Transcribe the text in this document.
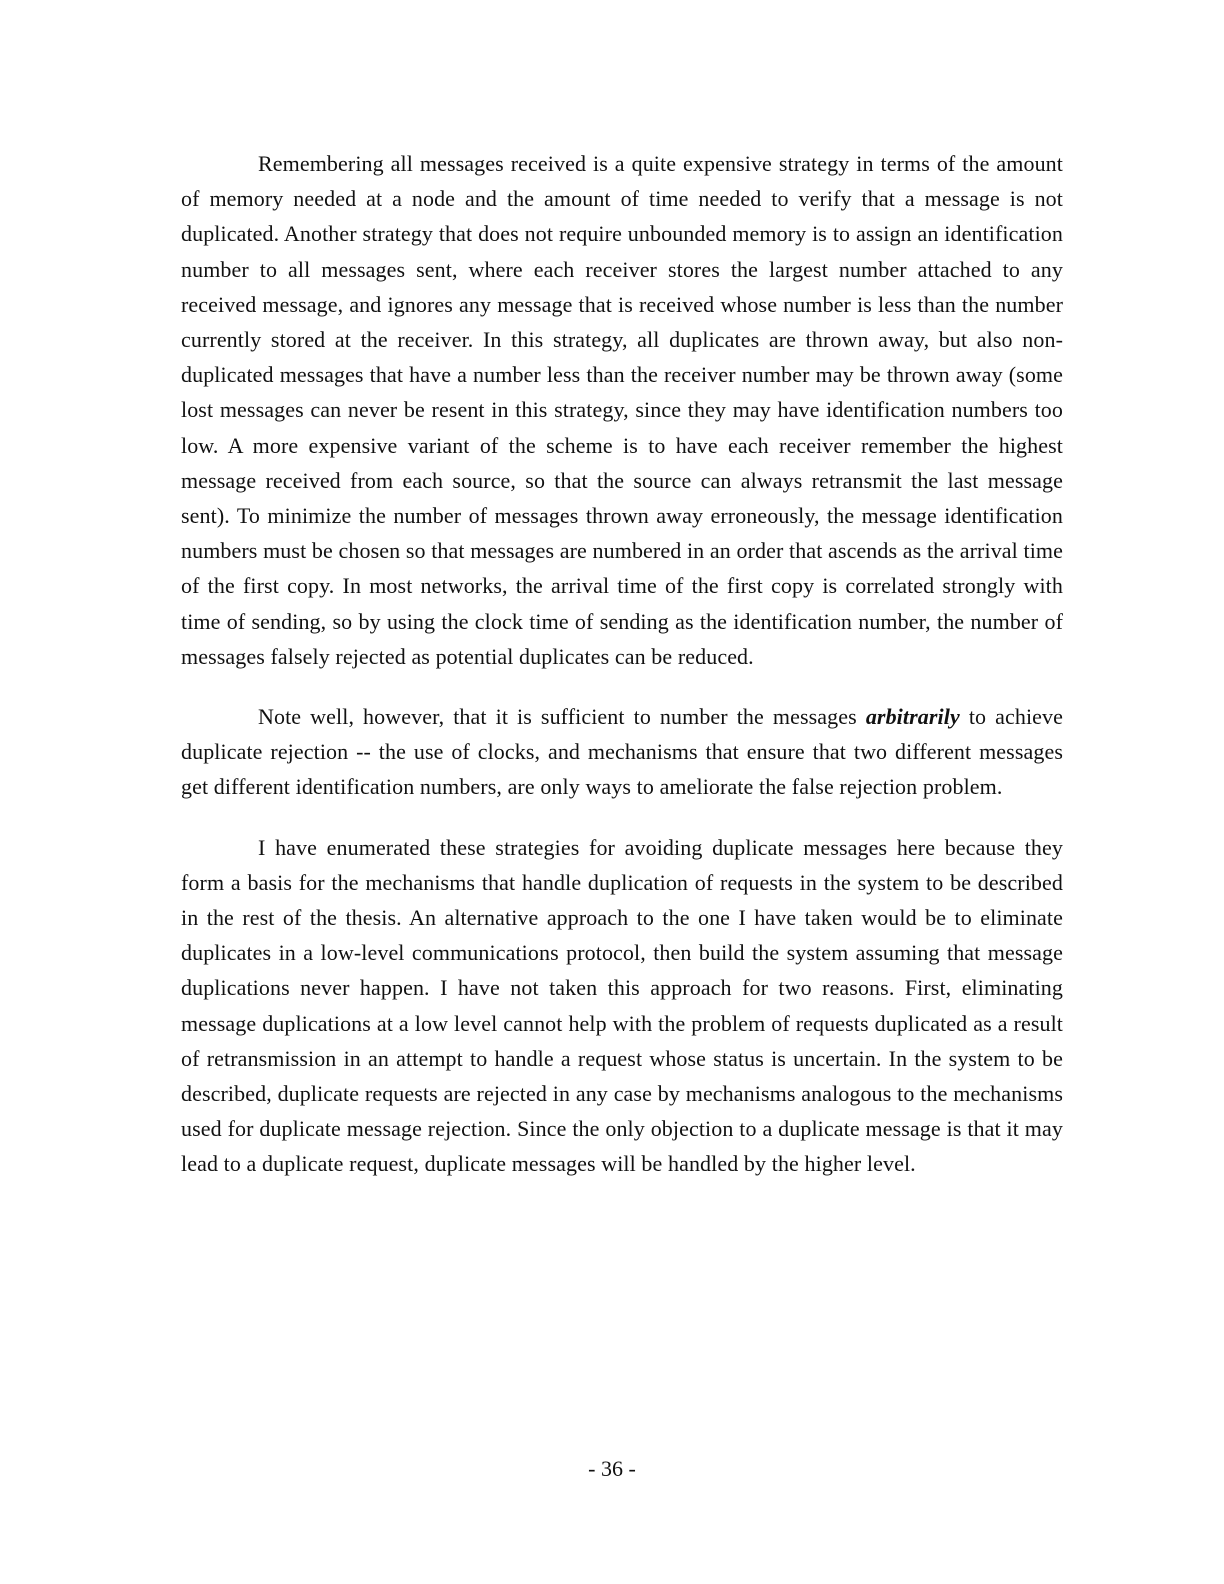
Remembering all messages received is a quite expensive strategy in terms of the amount of memory needed at a node and the amount of time needed to verify that a message is not duplicated. Another strategy that does not require unbounded memory is to assign an identification number to all messages sent, where each receiver stores the largest number attached to any received message, and ignores any message that is received whose number is less than the number currently stored at the receiver. In this strategy, all duplicates are thrown away, but also non-duplicated messages that have a number less than the receiver number may be thrown away (some lost messages can never be resent in this strategy, since they may have identification numbers too low. A more expensive variant of the scheme is to have each receiver remember the highest message received from each source, so that the source can always retransmit the last message sent). To minimize the number of messages thrown away erroneously, the message identification numbers must be chosen so that messages are numbered in an order that ascends as the arrival time of the first copy. In most networks, the arrival time of the first copy is correlated strongly with time of sending, so by using the clock time of sending as the identification number, the number of messages falsely rejected as potential duplicates can be reduced.

Note well, however, that it is sufficient to number the messages arbitrarily to achieve duplicate rejection -- the use of clocks, and mechanisms that ensure that two different messages get different identification numbers, are only ways to ameliorate the false rejection problem.

I have enumerated these strategies for avoiding duplicate messages here because they form a basis for the mechanisms that handle duplication of requests in the system to be described in the rest of the thesis. An alternative approach to the one I have taken would be to eliminate duplicates in a low-level communications protocol, then build the system assuming that message duplications never happen. I have not taken this approach for two reasons. First, eliminating message duplications at a low level cannot help with the problem of requests duplicated as a result of retransmission in an attempt to handle a request whose status is uncertain. In the system to be described, duplicate requests are rejected in any case by mechanisms analogous to the mechanisms used for duplicate message rejection. Since the only objection to a duplicate message is that it may lead to a duplicate request, duplicate messages will be handled by the higher level.

- 36 -
